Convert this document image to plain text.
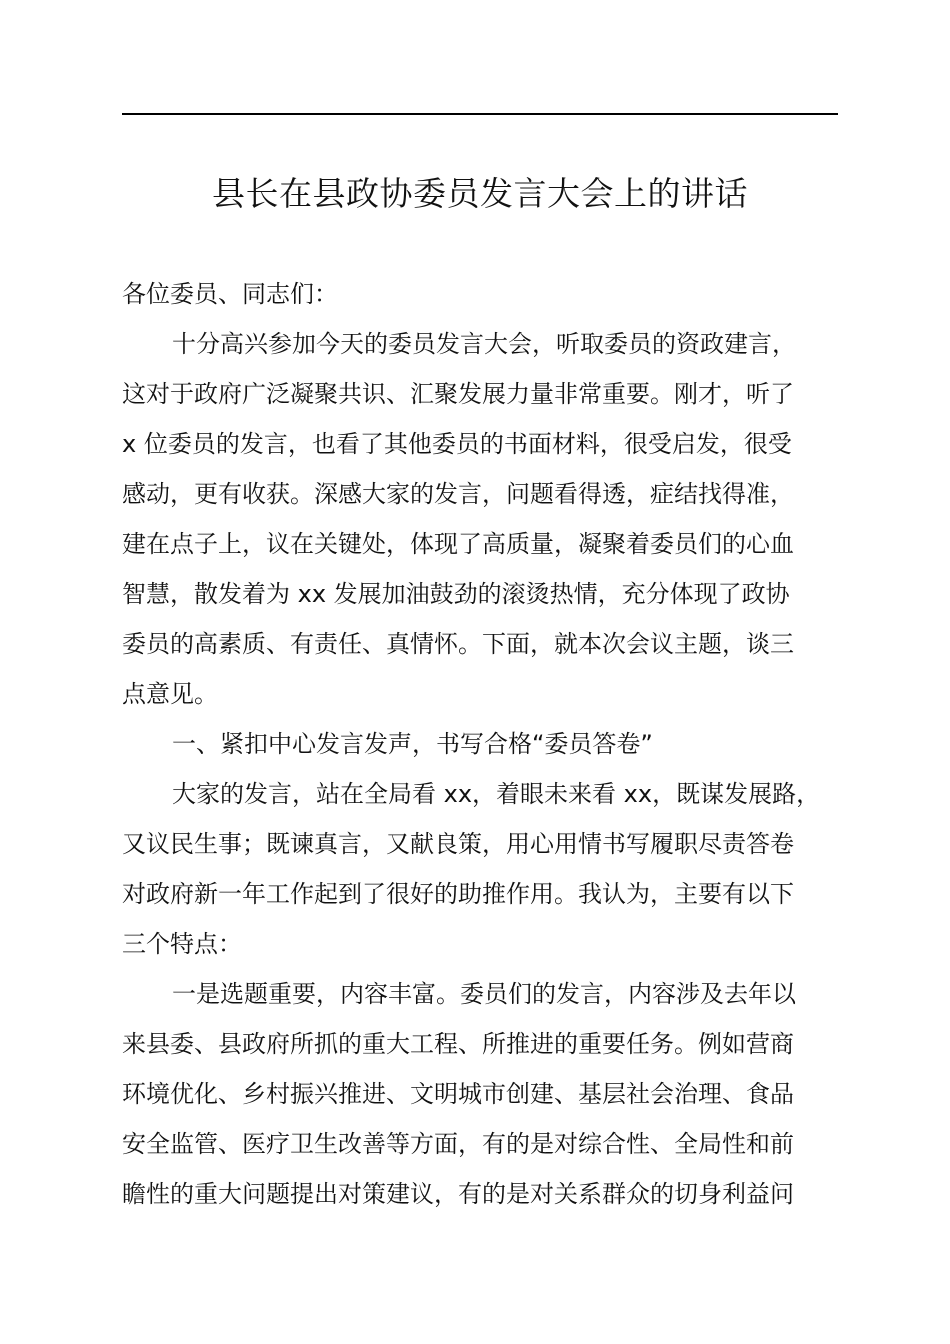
县长在县政协委员发言大会上的讲话
各位委员、同志们：
十分高兴参加今天的委员发言大会，听取委员的资政建言，
这对于政府广泛凝聚共识、汇聚发展力量非常重要。刚才，听了
x 位委员的发言，也看了其他委员的书面材料，很受启发，很受
感动，更有收获。深感大家的发言，问题看得透，症结找得准，
建在点子上，议在关键处，体现了高质量，凝聚着委员们的心血
智慧，散发着为 xx 发展加油鼓劲的滚烫热情，充分体现了政协
委员的高素质、有责任、真情怀。下面，就本次会议主题，谈三
点意见。
一、紧扣中心发言发声，书写合格“委员答卷”
大家的发言，站在全局看 xx，着眼未来看 xx，既谋发展路，
又议民生事；既谏真言，又献良策，用心用情书写履职尽责答卷
对政府新一年工作起到了很好的助推作用。我认为，主要有以下
三个特点：
一是选题重要，内容丰富。委员们的发言，内容涉及去年以
来县委、县政府所抓的重大工程、所推进的重要任务。例如营商
环境优化、乡村振兴推进、文明城市创建、基层社会治理、食品
安全监管、医疗卫生改善等方面，有的是对综合性、全局性和前
瞻性的重大问题提出对策建议，有的是对关系群众的切身利益问
